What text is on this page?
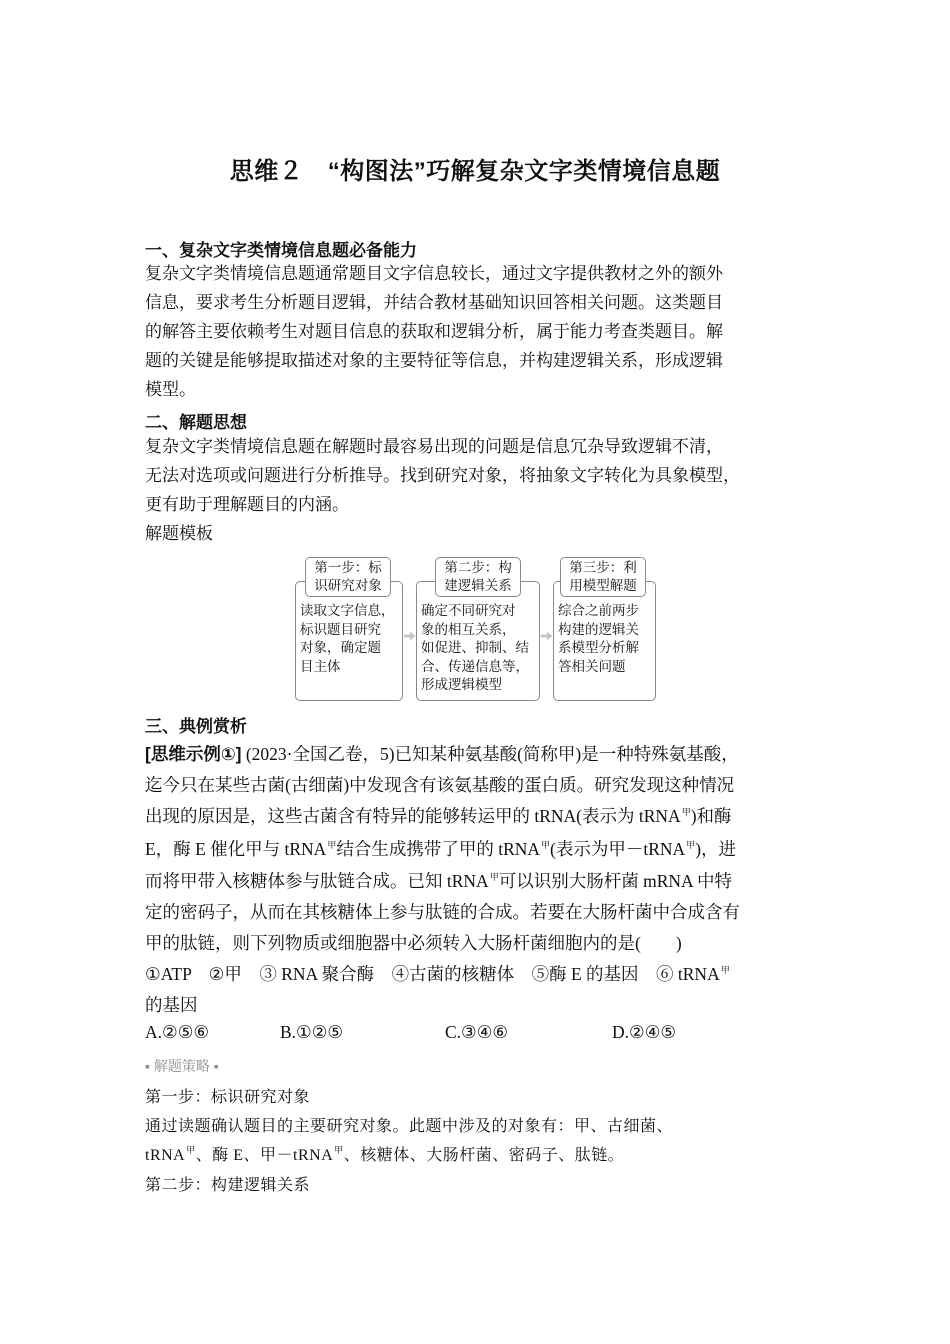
思维２　“构图法”巧解复杂文字类情境信息题
一、复杂文字类情境信息题必备能力
复杂文字类情境信息题通常题目文字信息较长，通过文字提供教材之外的额外
信息，要求考生分析题目逻辑，并结合教材基础知识回答相关问题。这类题目
的解答主要依赖考生对题目信息的获取和逻辑分析，属于能力考查类题目。解
题的关键是能够提取描述对象的主要特征等信息，并构建逻辑关系，形成逻辑
模型。
二、解题思想
复杂文字类情境信息题在解题时最容易出现的问题是信息冗杂导致逻辑不清，
无法对选项或问题进行分析推导。找到研究对象，将抽象文字转化为具象模型，
更有助于理解题目的内涵。
解题模板
第一步：标
识研究对象
读取文字信息，
标识题目研究
对象，确定题
目主体
第二步：构
建逻辑关系
确定不同研究对
象的相互关系，
如促进、抑制、结
合、传递信息等，
形成逻辑模型
第三步：利
用模型解题
综合之前两步
构建的逻辑关
系模型分析解
答相关问题
三、典例赏析
[思维示例①] (2023·全国乙卷，5)已知某种氨基酸(简称甲)是一种特殊氨基酸，
迄今只在某些古菌(古细菌)中发现含有该氨基酸的蛋白质。研究发现这种情况
出现的原因是，这些古菌含有特异的能够转运甲的 tRNA(表示为 tRNA$^甲$)和酶
E，酶 E 催化甲与 tRNA$^甲$结合生成携带了甲的 tRNA$^甲$(表示为甲－tRNA$^甲$)，进
而将甲带入核糖体参与肽链合成。已知 tRNA$^甲$可以识别大肠杆菌 mRNA 中特
定的密码子，从而在其核糖体上参与肽链的合成。若要在大肠杆菌中合成含有
甲的肽链，则下列物质或细胞器中必须转入大肠杆菌细胞内的是(　　)
①ATP　②甲　③ RNA 聚合酶　④古菌的核糖体　⑤酶 E 的基因　⑥ tRNA$^甲$
的基因
A.②⑤⑥	B.①②⑤	C.③④⑥	D.②④⑤
▪ 解题策略 ▪
第一步：标识研究对象
通过读题确认题目的主要研究对象。此题中涉及的对象有：甲、古细菌、
tRNA$^甲$、酶 E、甲－tRNA$^甲$、核糖体、大肠杆菌、密码子、肽链。
第二步：构建逻辑关系
